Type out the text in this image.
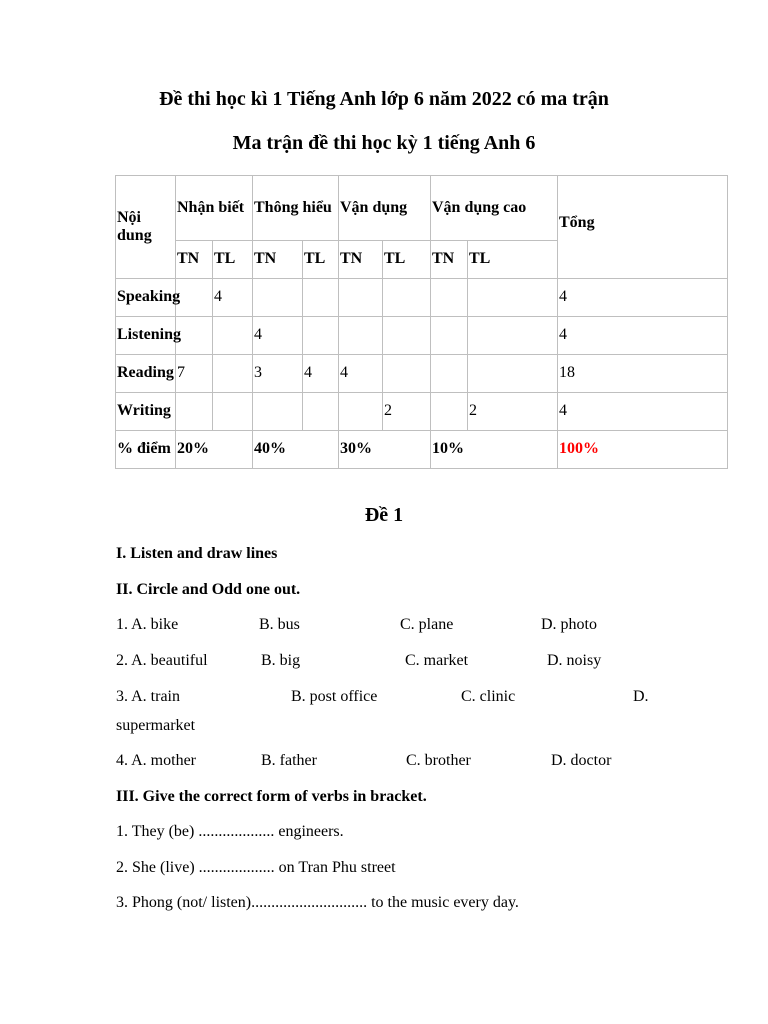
Đề thi học kì 1 Tiếng Anh lớp 6 năm 2022 có ma trận
Ma trận đề thi học kỳ 1 tiếng Anh 6
Nội dung	Nhận biết		Thông hiểu		Vận dụng		Vận dụng cao		Tổng
	TN	TL	TN	TL	TN	TL	TN	TL	
Speaking		4							4
Listening			4						4
Reading	7		3	4	4				18
Writing						2		2	4
% điểm	20%		40%		30%		10%		100%
Đề 1
I. Listen and draw lines
II. Circle and Odd one out.
1. A. bike	B. bus	C. plane	D. photo
2. A. beautiful	B. big	C. market	D. noisy
3. A. train	B. post office	C. clinic	D.
supermarket
4. A. mother	B. father	C. brother	D. doctor
III. Give the correct form of verbs in bracket.
1. They (be) ................... engineers.
2. She (live) ................... on Tran Phu street
3. Phong (not/ listen)............................. to the music every day.
